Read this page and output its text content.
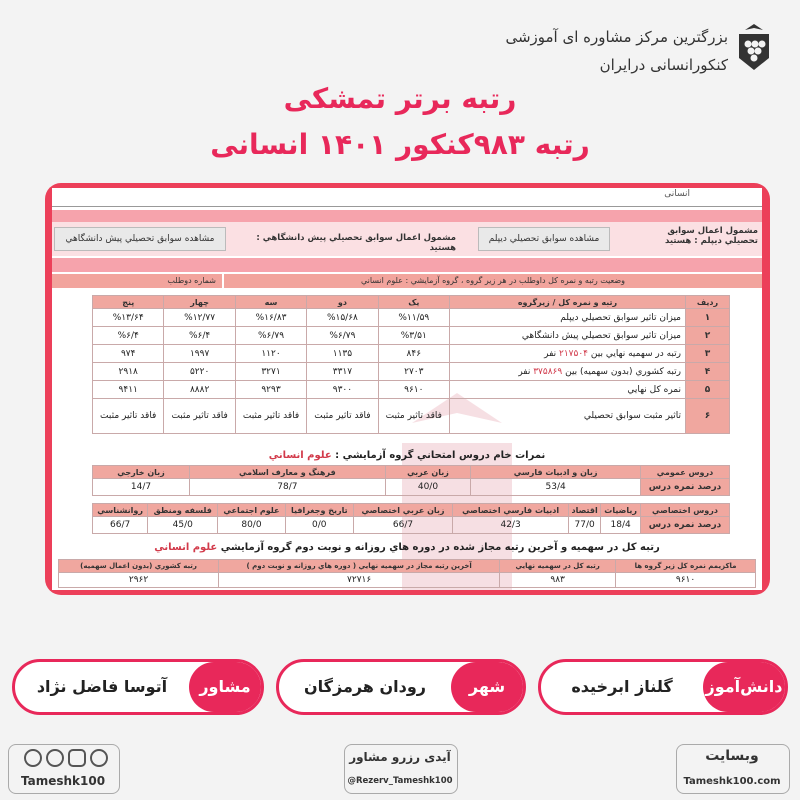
بزرگترین مرکز مشاوره ای آموزشی
کنکورانسانی درایران
رتبه برتر تمشکی
رتبه ۹۸۳کنکور ۱۴۰۱ انسانی
انسانی
مشمول اعمال سوابق تحصيلي ديپلم : هستيد
مشاهده سوابق تحصيلي ديپلم
مشمول اعمال سوابق تحصيلي پيش دانشگاهي : هستيد
مشاهده سوابق تحصيلي پيش دانشگاهي
شماره دوطلب	وضعيت رتبه و نمره کل داوطلب در هر زير گروه ، گروه آزمايشي : علوم انساني
رديف	رتبه و نمره کل / زيرگروه	يک	دو	سه	چهار	پنج
۱	ميزان تاثير سوابق تحصيلي ديپلم	%۱۱/۵۹	%۱۵/۶۸	%۱۶/۸۳	%۱۲/۷۷	%۱۳/۶۴
۲	ميزان تاثير سوابق تحصيلي پيش دانشگاهي	%۳/۵۱	%۶/۷۹	%۶/۷۹	%۶/۴	%۶/۴
۳	رتبه در سهميه نهايي بين ۲۱۷۵۰۴ نفر	۸۴۶	۱۱۳۵	۱۱۲۰	۱۹۹۷	۹۷۴
۴	رتبه کشوري (بدون سهميه) بين ۳۷۵۸۶۹ نفر	۲۷۰۳	۳۳۱۷	۳۲۷۱	۵۲۲۰	۲۹۱۸
۵	نمره کل نهايي	۹۶۱۰	۹۳۰۰	۹۲۹۳	۸۸۸۲	۹۴۱۱
۶	تاثير مثبت سوابق تحصيلي	فاقد تاثير مثبت	فاقد تاثير مثبت	فاقد تاثير مثبت	فاقد تاثير مثبت	فاقد تاثير مثبت
نمرات خام دروس امتحاني گروه آزمايشي : علوم انساني
دروس عمومي	زبان و ادبيات فارسي	زبان عربي	فرهنگ و معارف اسلامي	زبان خارجي
درصد نمره درس	53/4	40/0	78/7	14/7
دروس اختصاصي	رياضيات	اقتصاد	ادبيات فارسي اختصاصي	زبان عربي اختصاصي	تاريخ وجغرافيا	علوم اجتماعي	فلسفه ومنطق	روانشناسي
درصد نمره درس	18/4	77/0	42/3	66/7	0/0	80/0	45/0	66/7
رتبه کل در سهميه و آخرين رتبه مجاز شده در دوره هاي روزانه و نوبت دوم گروه آزمايشي علوم انساني
ماكزيمم نمره كل زير گروه ها	رتبه کل در سهميه نهايي	آخرين رتبه مجاز در سهميه نهايي ( دوره هاي روزانه و نوبت دوم )	رتبه کشوري (بدون اعمال سهميه)
۹۶۱۰	۹۸۳	۷۲۷۱۶	۲۹۶۲
دانش‌آموز
گلناز ابرخیده
شهر
رودان هرمزگان
مشاور
آتوسا فاضل نژاد
Tameshk100
آیدی رزرو مشاور
@Rezerv_Tameshk100
وبسایت
Tameshk100.com
